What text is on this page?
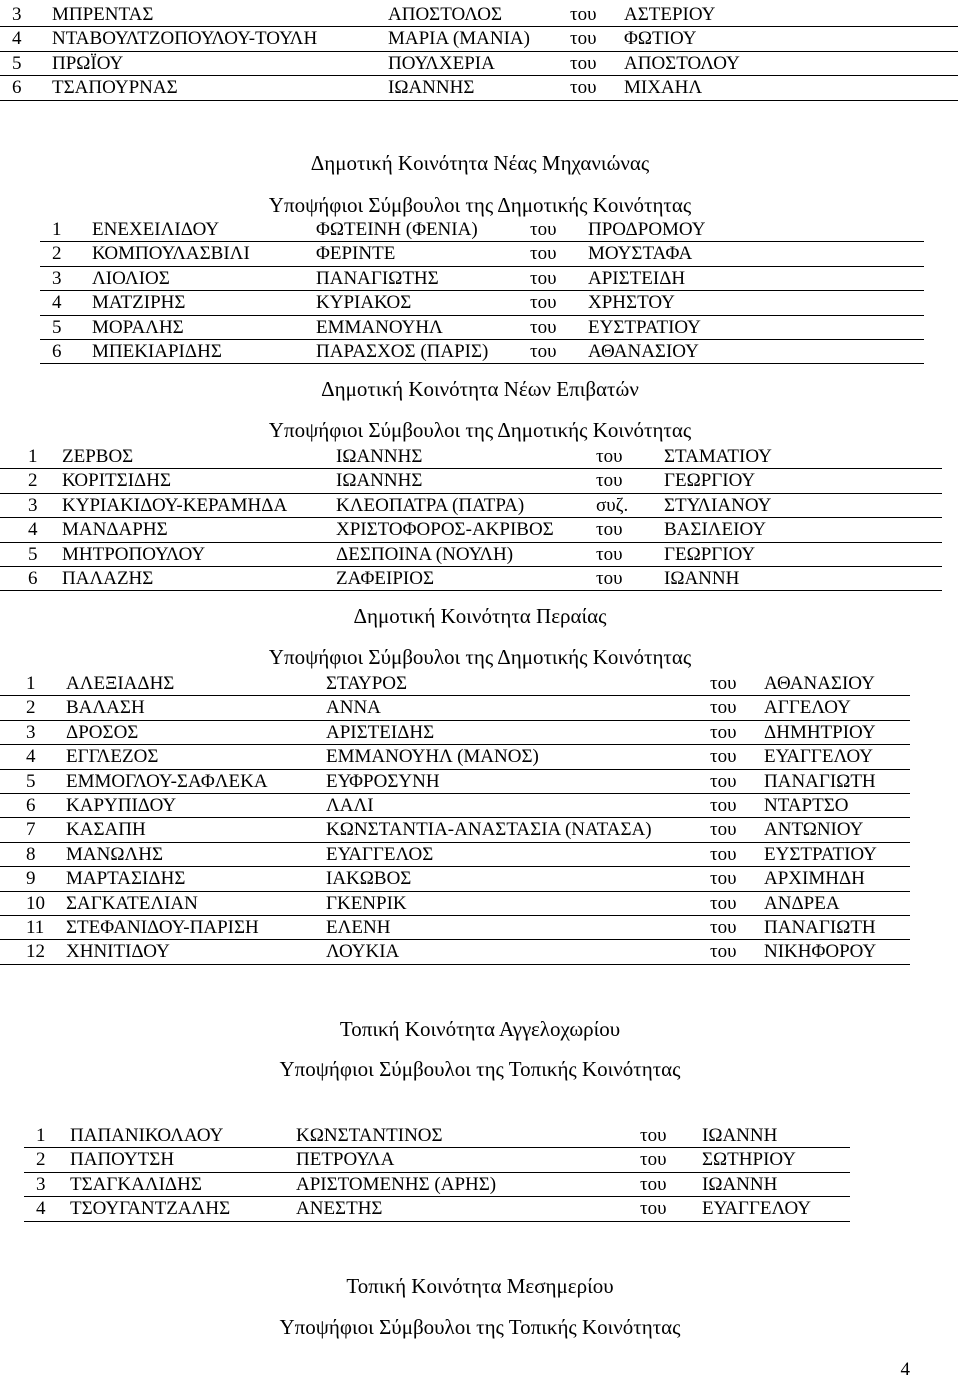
Δημοτική Κοινότητα Νέας Μηχανιώνας
Υποψήφιοι Σύμβουλοι της Δημοτικής Κοινότητας
Δημοτική Κοινότητα Νέων Επιβατών
Υποψήφιοι Σύμβουλοι της Δημοτικής Κοινότητας
Δημοτική Κοινότητα Περαίας
Υποψήφιοι Σύμβουλοι της Δημοτικής Κοινότητας
Τοπική Κοινότητα Αγγελοχωρίου
Υποψήφιοι Σύμβουλοι της Τοπικής Κοινότητας
Τοπική Κοινότητα Μεσημερίου
Υποψήφιοι Σύμβουλοι της Τοπικής Κοινότητας
3 ΜΠΡΕΝΤΑΣ	ΑΠΟΣΤΟΛΟΣ	του ΑΣΤΕΡΙΟΥ
4 ΝΤΑΒΟΥΛΤΖΟΠΟΥΛΟΥ-ΤΟΥΛΗ	ΜΑΡΙΑ (ΜΑΝΙΑ) του ΦΩΤΙΟΥ
5 ΠΡΩΪΟΥ	ΠΟΥΛΧΕΡΙΑ	του ΑΠΟΣΤΟΛΟΥ
6 ΤΣΑΠΟΥΡΝΑΣ	ΙΩΑΝΝΗΣ	του ΜΙΧΑΗΛ
1 ΕΝΕΧΕΙΛΙΔΟΥ	ΦΩΤΕΙΝΗ (ΦΕΝΙΑ)	του ΠΡΟΔΡΟΜΟΥ
2 ΚΟΜΠΟΥΛΑΣΒΙΛΙ	ΦΕΡΙΝΤΕ	του ΜΟΥΣΤΑΦΑ
3 ΛΙΟΛΙΟΣ	ΠΑΝΑΓΙΩΤΗΣ	του ΑΡΙΣΤΕΙΔΗ
4 ΜΑΤΖΙΡΗΣ	ΚΥΡΙΑΚΟΣ	του ΧΡΗΣΤΟΥ
5 ΜΟΡΑΛΗΣ	ΕΜΜΑΝΟΥΗΛ	του ΕΥΣΤΡΑΤΙΟΥ
6 ΜΠΕΚΙΑΡΙΔΗΣ	ΠΑΡΑΣΧΟΣ (ΠΑΡΙΣ) του ΑΘΑΝΑΣΙΟΥ
1 ΖΕΡΒΟΣ	ΙΩΑΝΝΗΣ	του ΣΤΑΜΑΤΙΟΥ
2 ΚΟΡΙΤΣΙΔΗΣ	ΙΩΑΝΝΗΣ	του ΓΕΩΡΓΙΟΥ
3 ΚΥΡΙΑΚΙΔΟΥ-ΚΕΡΑΜΗΔΑ	ΚΛΕΟΠΑΤΡΑ (ΠΑΤΡΑ)	συζ. ΣΤΥΛΙΑΝΟΥ
4 ΜΑΝΔΑΡΗΣ	ΧΡΙΣΤΟΦΟΡΟΣ-ΑΚΡΙΒΟΣ του ΒΑΣΙΛΕΙΟΥ
5 ΜΗΤΡΟΠΟΥΛΟΥ	ΔΕΣΠΟΙΝΑ (ΝΟΥΛΗ)	του ΓΕΩΡΓΙΟΥ
6 ΠΑΛΑΖΗΣ	ΖΑΦΕΙΡΙΟΣ	του ΙΩΑΝΝΗ
1 ΑΛΕΞΙΑΔΗΣ	ΣΤΑΥΡΟΣ	του ΑΘΑΝΑΣΙΟΥ
2 ΒΑΛΑΣΗ	ΑΝΝΑ	του ΑΓΓΕΛΟΥ
3 ΔΡΟΣΟΣ	ΑΡΙΣΤΕΙΔΗΣ	του ΔΗΜΗΤΡΙΟΥ
4 ΕΓΓΛΕΖΟΣ	ΕΜΜΑΝΟΥΗΛ (ΜΑΝΟΣ)	του ΕΥΑΓΓΕΛΟΥ
5 ΕΜΜΟΓΛΟΥ-ΣΑΦΛΕΚΑ	ΕΥΦΡΟΣΥΝΗ	του ΠΑΝΑΓΙΩΤΗ
6 ΚΑΡΥΠΙΔΟΥ	ΛΑΛΙ	του ΝΤΑΡΤΣΟ
7 ΚΑΣΑΠΗ	ΚΩΝΣΤΑΝΤΙΑ-ΑΝΑΣΤΑΣΙΑ (ΝΑΤΑΣΑ)	του ΑΝΤΩΝΙΟΥ
8 ΜΑΝΩΛΗΣ	ΕΥΑΓΓΕΛΟΣ	του ΕΥΣΤΡΑΤΙΟΥ
9 ΜΑΡΤΑΣΙΔΗΣ	ΙΑΚΩΒΟΣ	του ΑΡΧΙΜΗΔΗ
10 ΣΑΓΚΑΤΕΛΙΑΝ	ΓΚΕΝΡΙΚ	του ΑΝΔΡΕΑ
11 ΣΤΕΦΑΝΙΔΟΥ-ΠΑΡΙΣΗ	ΕΛΕΝΗ	του ΠΑΝΑΓΙΩΤΗ
12 ΧΗΝΙΤΙΔΟΥ	ΛΟΥΚΙΑ	του ΝΙΚΗΦΟΡΟΥ
1 ΠΑΠΑΝΙΚΟΛΑΟΥ	ΚΩΝΣΤΑΝΤΙΝΟΣ	του ΙΩΑΝΝΗ
2 ΠΑΠΟΥΤΣΗ	ΠΕΤΡΟΥΛΑ	του ΣΩΤΗΡΙΟΥ
3 ΤΣΑΓΚΑΛΙΔΗΣ	ΑΡΙΣΤΟΜΕΝΗΣ (ΑΡΗΣ)	του ΙΩΑΝΝΗ
4 ΤΣΟΥΓΑΝΤΖΑΛΗΣ	ΑΝΕΣΤΗΣ	του ΕΥΑΓΓΕΛΟΥ
4
